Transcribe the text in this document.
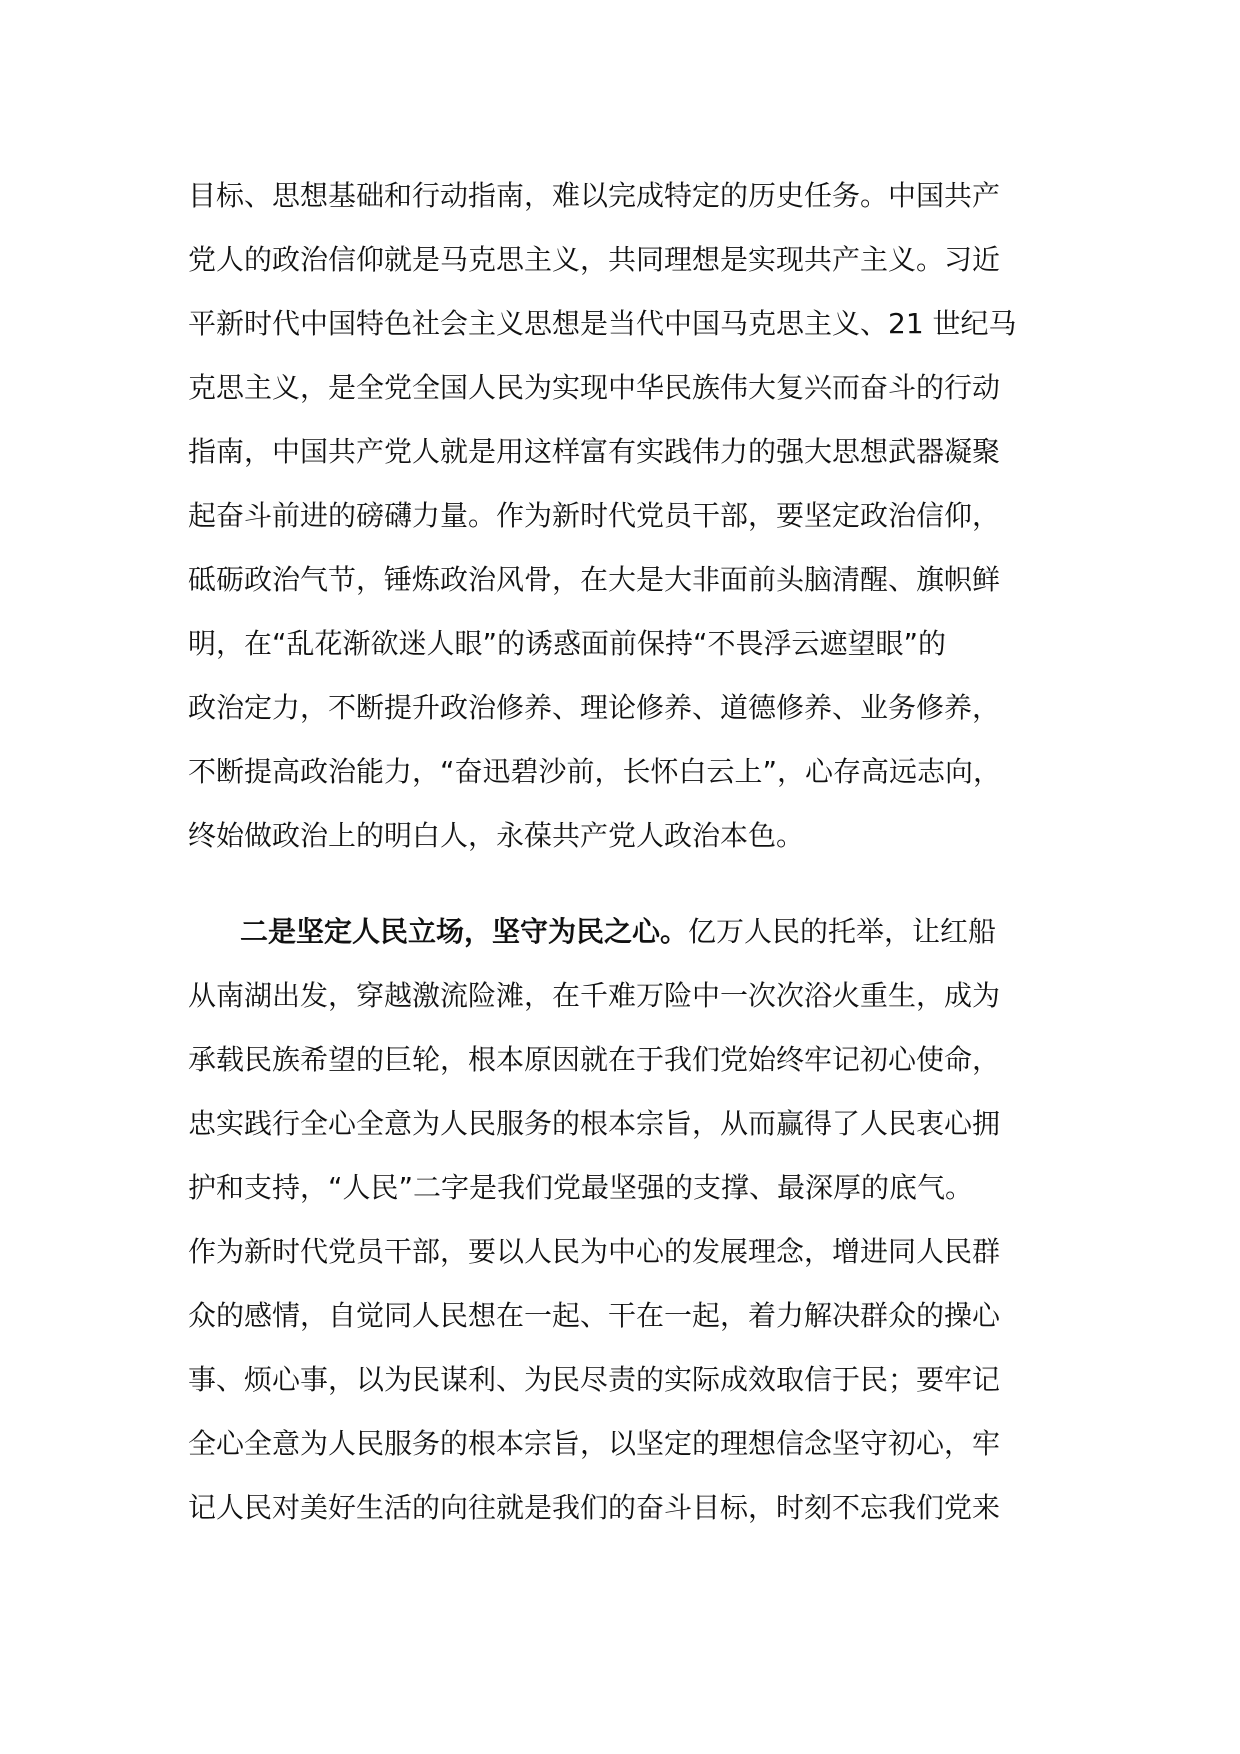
目标、思想基础和行动指南，难以完成特定的历史任务。中国共产
党人的政治信仰就是马克思主义，共同理想是实现共产主义。习近
平新时代中国特色社会主义思想是当代中国马克思主义、21 世纪马
克思主义，是全党全国人民为实现中华民族伟大复兴而奋斗的行动
指南，中国共产党人就是用这样富有实践伟力的强大思想武器凝聚
起奋斗前进的磅礴力量。作为新时代党员干部，要坚定政治信仰，
砥砺政治气节，锤炼政治风骨，在大是大非面前头脑清醒、旗帜鲜
明，在“乱花渐欲迷人眼”的诱惑面前保持“不畏浮云遮望眼”的
政治定力，不断提升政治修养、理论修养、道德修养、业务修养，
不断提高政治能力，“奋迅碧沙前，长怀白云上”，心存高远志向，
终始做政治上的明白人，永葆共产党人政治本色。
二是坚定人民立场，坚守为民之心。亿万人民的托举，让红船
从南湖出发，穿越激流险滩，在千难万险中一次次浴火重生，成为
承载民族希望的巨轮，根本原因就在于我们党始终牢记初心使命，
忠实践行全心全意为人民服务的根本宗旨，从而赢得了人民衷心拥
护和支持，“人民”二字是我们党最坚强的支撑、最深厚的底气。
作为新时代党员干部，要以人民为中心的发展理念，增进同人民群
众的感情，自觉同人民想在一起、干在一起，着力解决群众的操心
事、烦心事，以为民谋利、为民尽责的实际成效取信于民；要牢记
全心全意为人民服务的根本宗旨，以坚定的理想信念坚守初心，牢
记人民对美好生活的向往就是我们的奋斗目标，时刻不忘我们党来
